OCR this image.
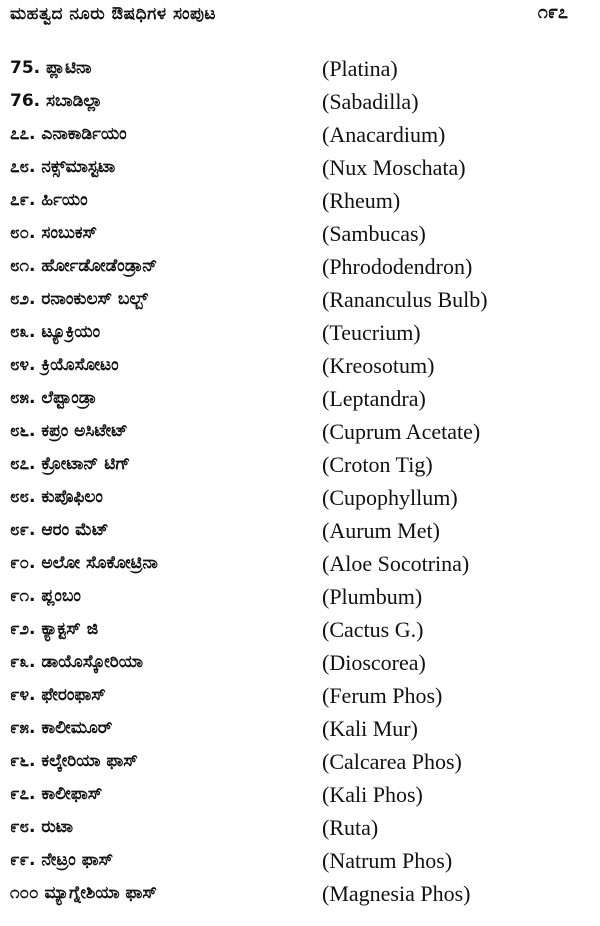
ಮಹತ್ವದ ನೂರು ಔಷಧಿಗಳ ಸಂಪುಟ	೧೯೭
75. ಪ್ಲಾಟಿನಾ	(Platina)
76. ಸಬಾಡಿಲ್ಲಾ	(Sabadilla)
೭೭. ಎನಾಕಾರ್ಡಿಯಂ	(Anacardium)
೭೮. ನಕ್ಸ್‌ಮಾಸ್ಟಟಾ	(Nux Moschata)
೭೯. ರ್ಹಿಯಂ	(Rheum)
೮೦. ಸಂಬುಕಸ್	(Sambucas)
೮೧. ರ್ಹೋಡೋಡೆಂಡ್ರಾನ್	(Phrododendron)
೮೨. ರನಾಂಕುಲಸ್ ಬಲ್ಬ್	(Rananculus Bulb)
೮೩. ಟ್ಯೂಕ್ರಿಯಂ	(Teucrium)
೮೪. ಕ್ರಿಯೊಸೋಟಂ	(Kreosotum)
೮೫. ಲೆಪ್ಟಾಂಡ್ರಾ	(Leptandra)
೮೬. ಕಪ್ರಂ ಅಸಿಟೇಟ್	(Cuprum Acetate)
೮೭. ಕ್ರೋಟಾನ್ ಟಿಗ್	(Croton Tig)
೮೮. ಕುಪೊಫಿಲಂ	(Cupophyllum)
೮೯. ಆರಂ ಮೆಟ್	(Aurum Met)
೯೦. ಅಲೋ ಸೊಕೋಟ್ರಿನಾ	(Aloe Socotrina)
೯೧. ಪ್ಲಂಬಂ	(Plumbum)
೯೨. ಕ್ಯಾಕ್ಟಸ್ ಜಿ	(Cactus G.)
೯೩. ಡಾಯೊಸ್ಕೋರಿಯಾ	(Dioscorea)
೯೪. ಫೇರಂಫಾಸ್	(Ferum Phos)
೯೫. ಕಾಲೀಮೂರ್	(Kali Mur)
೯೬. ಕಲ್ಕೇರಿಯಾ ಫಾಸ್	(Calcarea Phos)
೯೭. ಕಾಲೀಫಾಸ್	(Kali Phos)
೯೮. ರುಟಾ	(Ruta)
೯೯. ನೇಟ್ರಂ ಫಾಸ್	(Natrum Phos)
೧೦೦ ಮ್ಯಾಗ್ನೇಶಿಯಾ ಫಾಸ್	(Magnesia Phos)
